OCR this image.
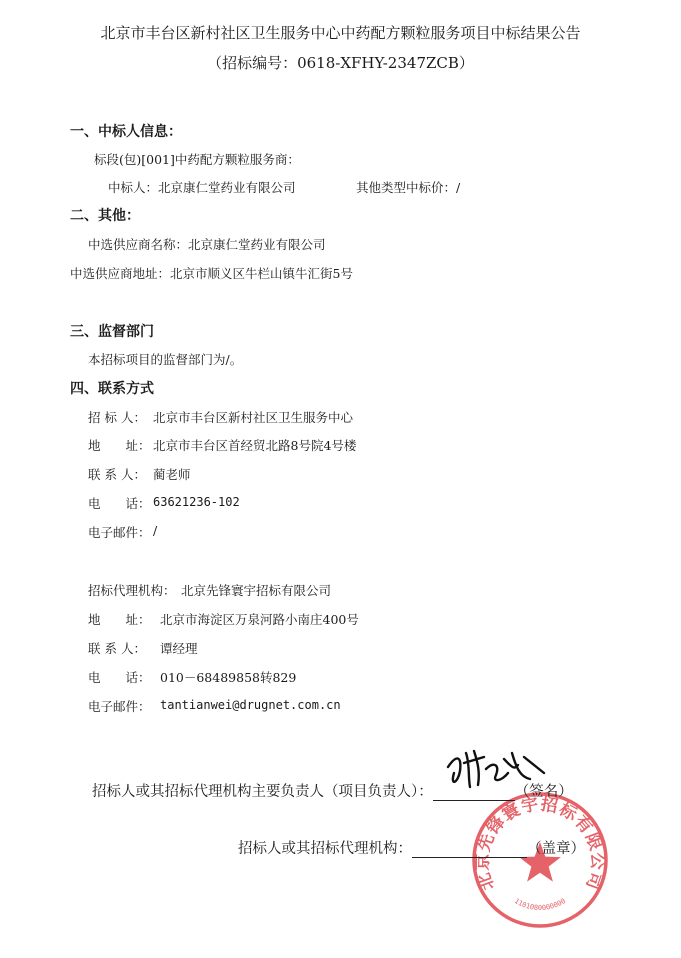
北京市丰台区新村社区卫生服务中心中药配方颗粒服务项目中标结果公告
（招标编号：0618-XFHY-2347ZCB）
一、中标人信息：
标段(包)[001]中药配方颗粒服务商：
中标人：北京康仁堂药业有限公司	其他类型中标价：/
二、其他：
中选供应商名称：北京康仁堂药业有限公司
中选供应商地址：北京市顺义区牛栏山镇牛汇街5号
三、监督部门
本招标项目的监督部门为/。
四、联系方式
招 标 人： 北京市丰台区新村社区卫生服务中心
地　　址： 北京市丰台区首经贸北路8号院4号楼
联 系 人： 蔺老师
电　　话： 63621236-102
电子邮件： /
招标代理机构： 北京先锋寰宇招标有限公司
地　　址： 北京市海淀区万泉河路小南庄400号
联 系 人： 谭经理
电　　话： 010－68489858转829
电子邮件： tantianwei@drugnet.com.cn
北京先锋寰宇招标有限公司
1101080000000
招标人或其招标代理机构主要负责人（项目负责人）：	（签名）
招标人或其招标代理机构：	（盖章）
